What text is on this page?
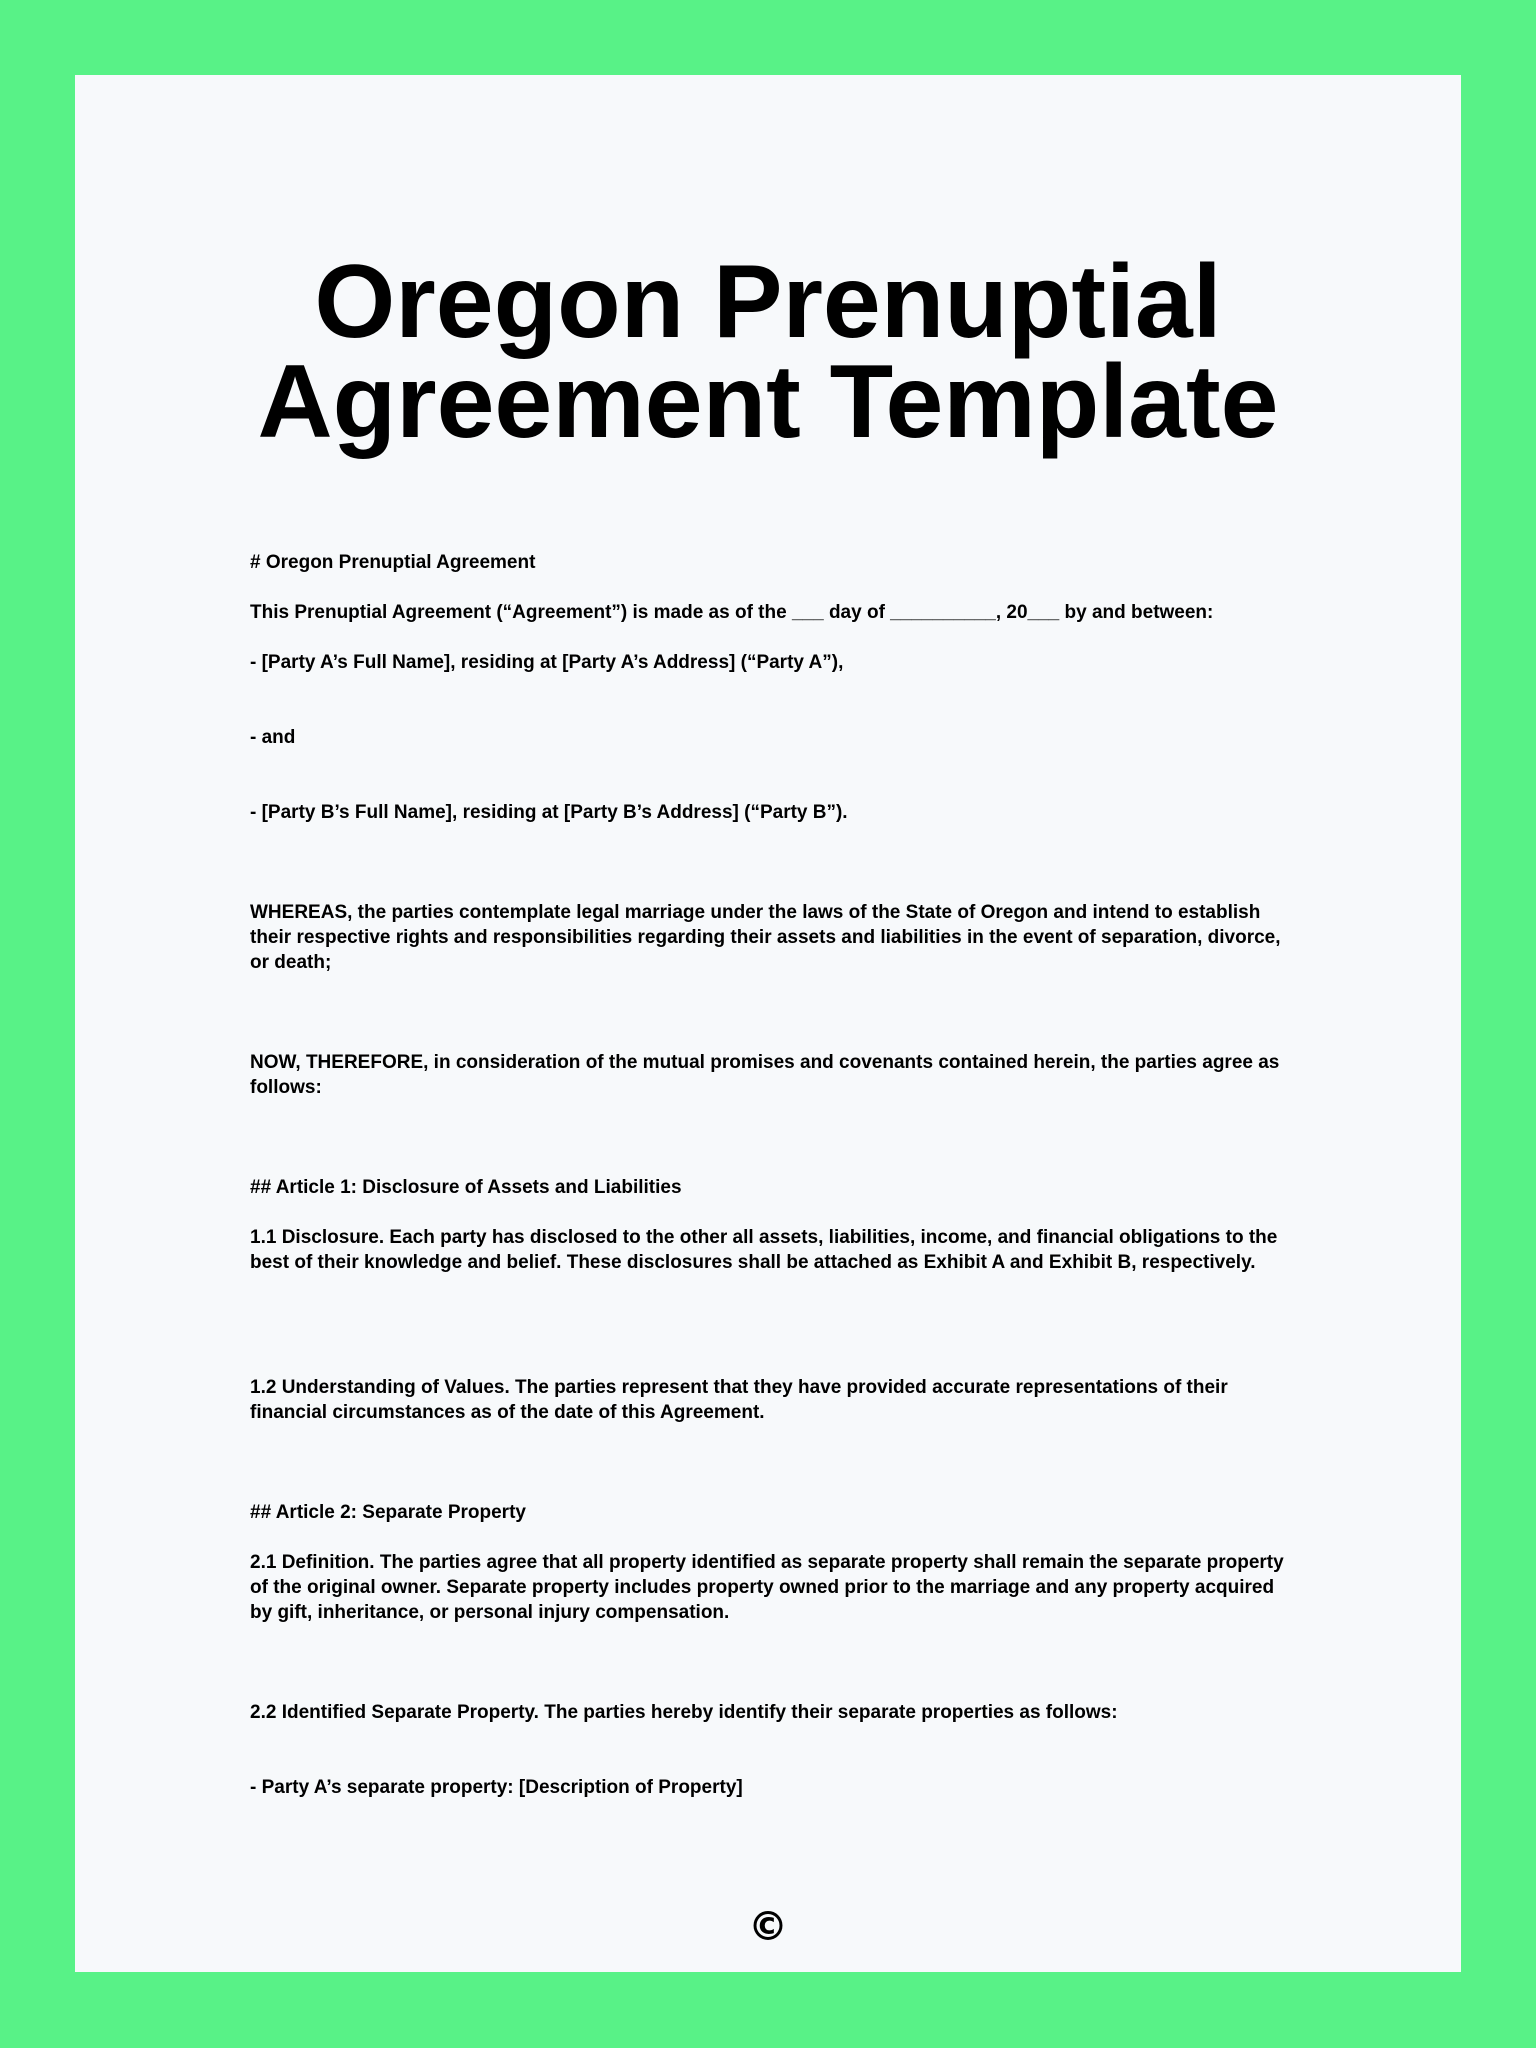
Oregon Prenuptial
Agreement Template

# Oregon Prenuptial Agreement

This Prenuptial Agreement (“Agreement”) is made as of the ___ day of __________, 20___ by and between:

- [Party A’s Full Name], residing at [Party A’s Address] (“Party A”),

- and

- [Party B’s Full Name], residing at [Party B’s Address] (“Party B”).

WHEREAS, the parties contemplate legal marriage under the laws of the State of Oregon and intend to establish their respective rights and responsibilities regarding their assets and liabilities in the event of separation, divorce, or death;

NOW, THEREFORE, in consideration of the mutual promises and covenants contained herein, the parties agree as follows:

## Article 1: Disclosure of Assets and Liabilities

1.1 Disclosure. Each party has disclosed to the other all assets, liabilities, income, and financial obligations to the best of their knowledge and belief. These disclosures shall be attached as Exhibit A and Exhibit B, respectively.

1.2 Understanding of Values. The parties represent that they have provided accurate representations of their financial circumstances as of the date of this Agreement.

## Article 2: Separate Property

2.1 Definition. The parties agree that all property identified as separate property shall remain the separate property of the original owner. Separate property includes property owned prior to the marriage and any property acquired by gift, inheritance, or personal injury compensation.

2.2 Identified Separate Property. The parties hereby identify their separate properties as follows:

- Party A’s separate property: [Description of Property]

©
